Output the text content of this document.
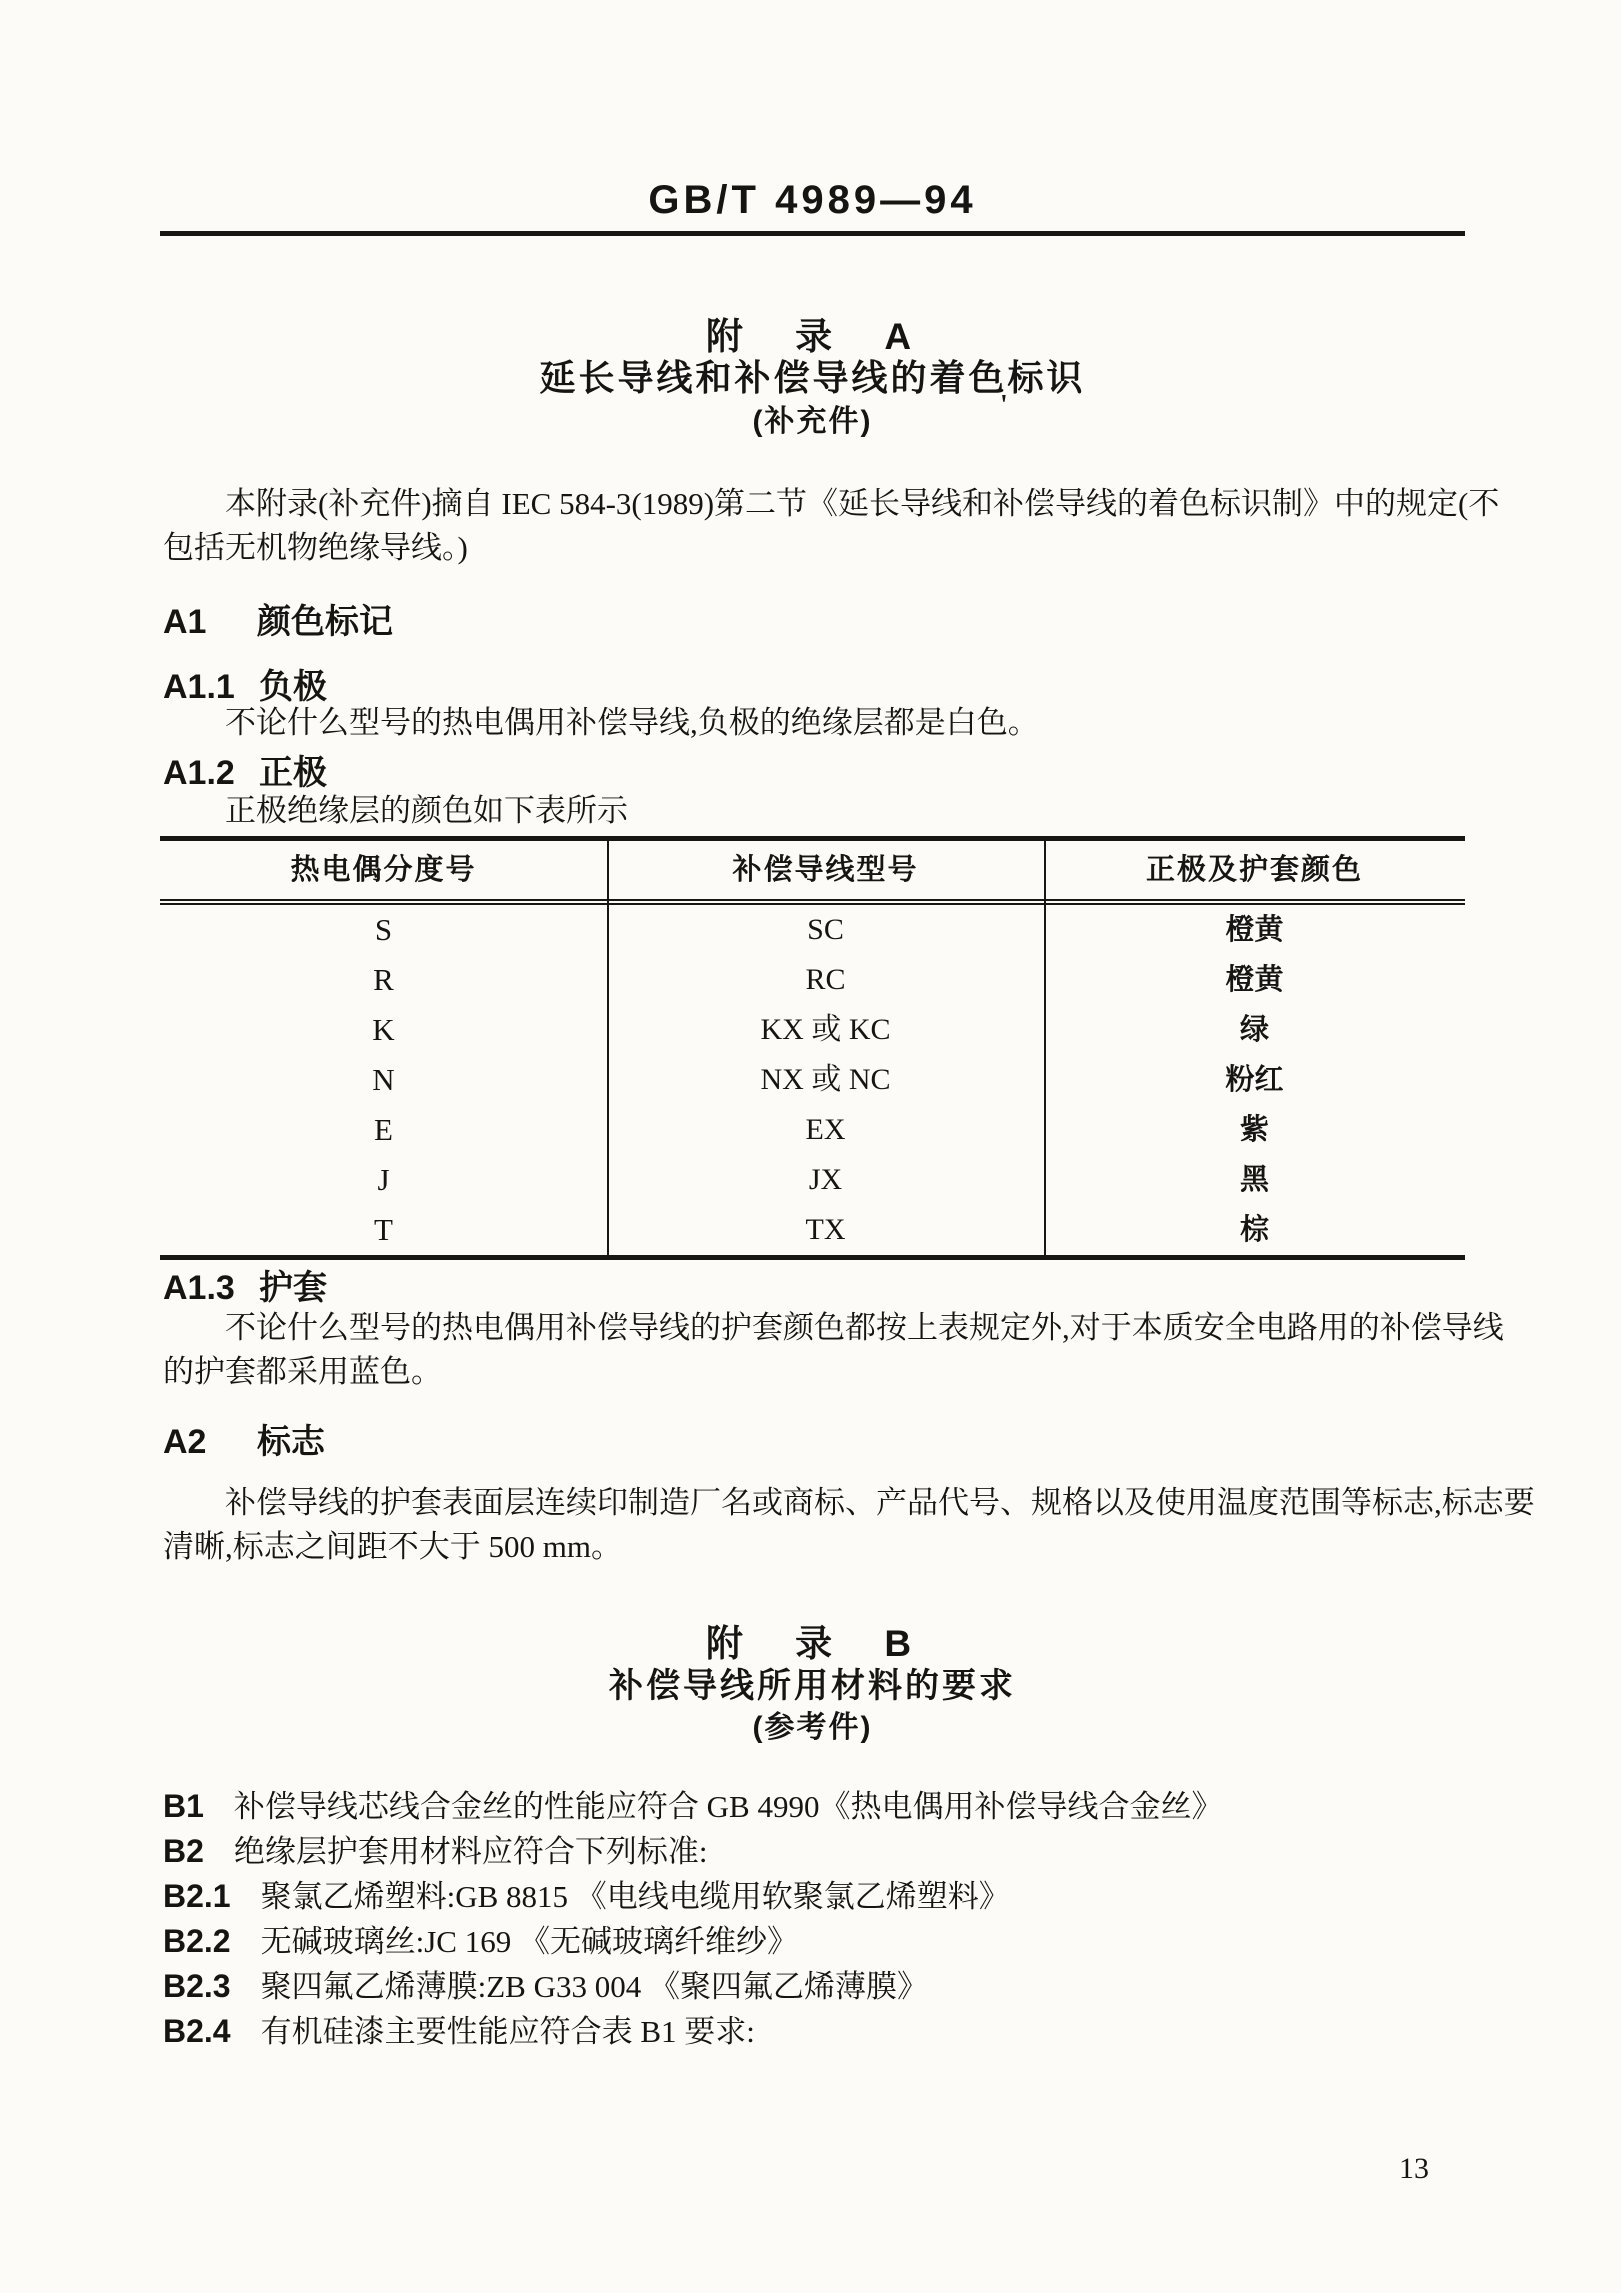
GB/T 4989—94
附 录 A
延长导线和补偿导线的着色标识
(补充件)	'
本附录(补充件)摘自 IEC 584-3(1989)第二节《延长导线和补偿导线的着色标识制》中的规定(不
包括无机物绝缘导线。)
A1 颜色标记
A1.1 负极
不论什么型号的热电偶用补偿导线,负极的绝缘层都是白色。
A1.2 正极
正极绝缘层的颜色如下表所示
热电偶分度号	补偿导线型号	正极及护套颜色
S	SC	橙黄
R	RC	橙黄
K	KX 或 KC	绿
N	NX 或 NC	粉红
E	EX	紫
J	JX	黑
T	TX	棕
A1.3 护套
不论什么型号的热电偶用补偿导线的护套颜色都按上表规定外,对于本质安全电路用的补偿导线
的护套都采用蓝色。
A2 标志
补偿导线的护套表面层连续印制造厂名或商标、产品代号、规格以及使用温度范围等标志,标志要
清晰,标志之间距不大于 500 mm。
附 录 B
补偿导线所用材料的要求
(参考件)
B1 补偿导线芯线合金丝的性能应符合 GB 4990《热电偶用补偿导线合金丝》
B2 绝缘层护套用材料应符合下列标准:
B2.1 聚氯乙烯塑料:GB 8815 《电线电缆用软聚氯乙烯塑料》
B2.2 无碱玻璃丝:JC 169 《无碱玻璃纤维纱》
B2.3 聚四氟乙烯薄膜:ZB G33 004 《聚四氟乙烯薄膜》
B2.4 有机硅漆主要性能应符合表 B1 要求:
13
